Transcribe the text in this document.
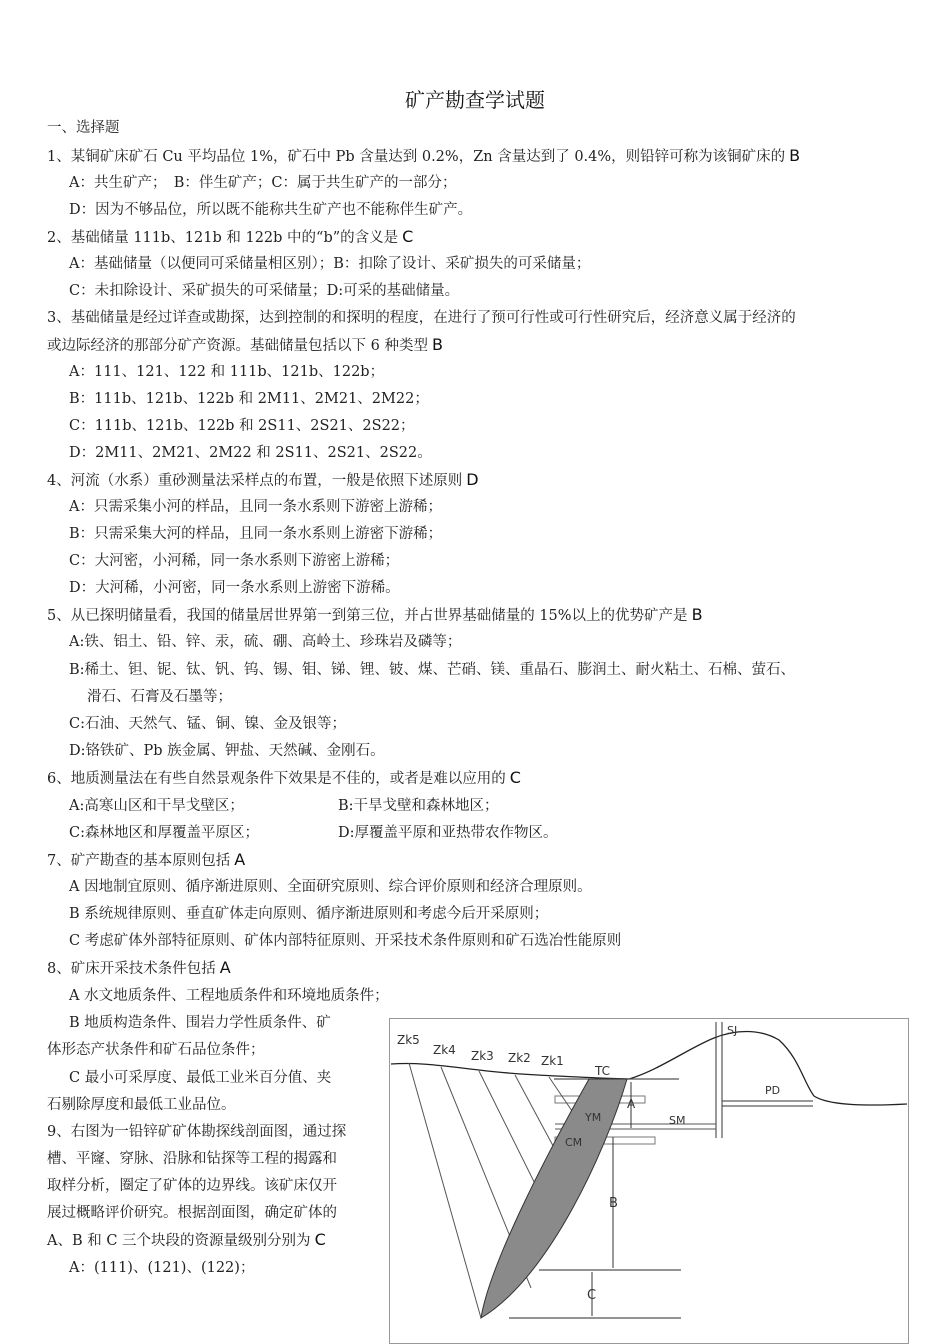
矿产勘查学试题
一、选择题
1、某铜矿床矿石 Cu 平均品位 1%，矿石中 Pb 含量达到 0.2%，Zn 含量达到了 0.4%，则铅锌可称为该铜矿床的 B
A：共生矿产；　B：伴生矿产；C：属于共生矿产的一部分；
D：因为不够品位，所以既不能称共生矿产也不能称伴生矿产。
2、基础储量 111b、121b 和 122b 中的“b”的含义是 C
A：基础储量（以便同可采储量相区别）；B：扣除了设计、采矿损失的可采储量；
C：未扣除设计、采矿损失的可采储量；D:可采的基础储量。
3、基础储量是经过详查或勘探，达到控制的和探明的程度，在进行了预可行性或可行性研究后，经济意义属于经济的
或边际经济的那部分矿产资源。基础储量包括以下 6 种类型 B
A：111、121、122 和 111b、121b、122b；
B：111b、121b、122b 和 2M11、2M21、2M22；
C：111b、121b、122b 和 2S11、2S21、2S22；
D：2M11、2M21、2M22 和 2S11、2S21、2S22。
4、河流（水系）重砂测量法采样点的布置，一般是依照下述原则 D
A：只需采集小河的样品，且同一条水系则下游密上游稀；
B：只需采集大河的样品，且同一条水系则上游密下游稀；
C：大河密，小河稀，同一条水系则下游密上游稀；
D：大河稀，小河密，同一条水系则上游密下游稀。
5、从已探明储量看，我国的储量居世界第一到第三位，并占世界基础储量的 15%以上的优势矿产是 B
A:铁、铝土、铅、锌、汞，硫、硼、高岭土、珍珠岩及磷等；
B:稀土、钽、铌、钛、钒、钨、锡、钼、锑、锂、铍、煤、芒硝、镁、重晶石、膨润土、耐火粘土、石棉、萤石、
滑石、石膏及石墨等；
C:石油、天然气、锰、铜、镍、金及银等；
D:铬铁矿、Pb 族金属、钾盐、天然碱、金刚石。
6、地质测量法在有些自然景观条件下效果是不佳的，或者是难以应用的 C
A:高寒山区和干旱戈壁区；	B:干旱戈壁和森林地区；
C:森林地区和厚覆盖平原区；	D:厚覆盖平原和亚热带农作物区。
7、矿产勘查的基本原则包括 A
A 因地制宜原则、循序渐进原则、全面研究原则、综合评价原则和经济合理原则。
B 系统规律原则、垂直矿体走向原则、循序渐进原则和考虑今后开采原则；
C 考虑矿体外部特征原则、矿体内部特征原则、开采技术条件原则和矿石选冶性能原则
8、矿床开采技术条件包括 A
A 水文地质条件、工程地质条件和环境地质条件；
B 地质构造条件、围岩力学性质条件、矿
体形态产状条件和矿石品位条件；
C 最小可采厚度、最低工业米百分值、夹
石剔除厚度和最低工业品位。
9、右图为一铅锌矿矿体勘探线剖面图，通过探
槽、平窿、穿脉、沿脉和钻探等工程的揭露和
取样分析，圈定了矿体的边界线。该矿床仅开
展过概略评价研究。根据剖面图，确定矿体的
A、B 和 C 三个块段的资源量级别分别为 C
A：(111)、(121)、(122)；
Zk5
Zk4 Zk3 Zk2 Zk1
TC
SJ
PD
SM
YM
CM
A
B
C
